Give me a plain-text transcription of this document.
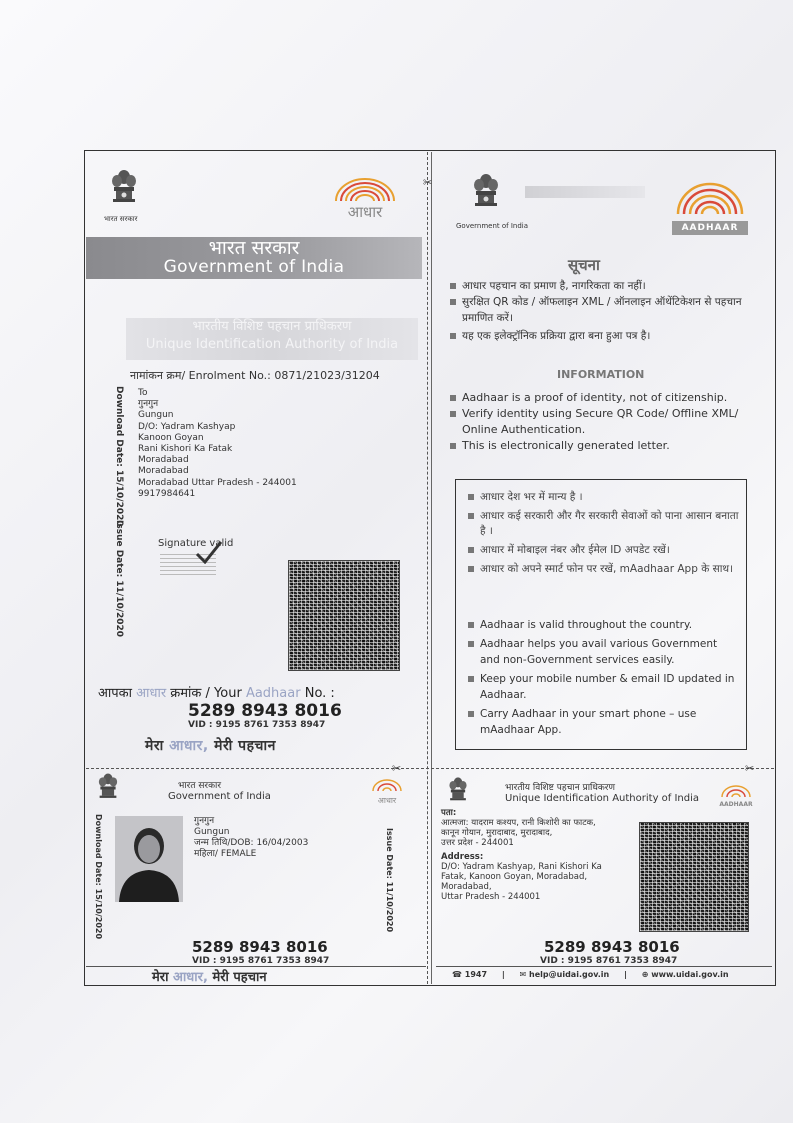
✂
✂	✂
भारत सरकार	आधार
भारत सरकार
Government of India
भारतीय विशिष्ट पहचान प्राधिकरण
Unique Identification Authority of India
नामांकन क्रम/ Enrolment No.: 0871/21023/31204
Download Date: 15/10/2020
Issue Date: 11/10/2020
To
गुनगुन
Gungun
D/O: Yadram Kashyap
Kanoon Goyan
Rani Kishori Ka Fatak
Moradabad
Moradabad
Moradabad Uttar Pradesh - 244001
9917984641
Signature valid
आपका आधार क्रमांक / Your Aadhaar No. :
5289 8943 8016
VID : 9195 8761 7353 8947
मेरा आधार, मेरी पहचान
Government of India	AADHAAR
सूचना
आधार पहचान का प्रमाण है, नागरिकता का नहीं।
सुरक्षित QR कोड / ऑफलाइन XML / ऑनलाइन ऑथेंटिकेशन से पहचान प्रमाणित करें।
यह एक इलेक्ट्रॉनिक प्रक्रिया द्वारा बना हुआ पत्र है।
INFORMATION
Aadhaar is a proof of identity, not of citizenship.
Verify identity using Secure QR Code/ Offline XML/ Online Authentication.
This is electronically generated letter.
आधार देश भर में मान्य है ।
आधार कई सरकारी और गैर सरकारी सेवाओं को पाना आसान बनाता है ।
आधार में मोबाइल नंबर और ईमेल ID अपडेट रखें।
आधार को अपने स्मार्ट फोन पर रखें, mAadhaar App के साथ।
Aadhaar is valid throughout the country.
Aadhaar helps you avail various Government and non-Government services easily.
Keep your mobile number & email ID updated in Aadhaar.
Carry Aadhaar in your smart phone – use mAadhaar App.
भारत सरकार
Government of India	आधार
Download Date: 15/10/2020	Issue Date: 11/10/2020
गुनगुन
Gungun
जन्म तिथि/DOB: 16/04/2003
महिला/ FEMALE
5289 8943 8016
VID : 9195 8761 7353 8947
मेरा आधार, मेरी पहचान
भारतीय विशिष्ट पहचान प्राधिकरण
Unique Identification Authority of India
AADHAAR
पता:
आत्मजा: यादराम कश्यप, रानी किशोरी का फाटक,
कानून गोयान, मुरादाबाद, मुरादाबाद,
उत्तर प्रदेश - 244001
Address:
D/O: Yadram Kashyap, Rani Kishori Ka
Fatak, Kanoon Goyan, Moradabad,
Moradabad,
Uttar Pradesh - 244001
5289 8943 8016
VID : 9195 8761 7353 8947
☎ 1947 | ✉ help@uidai.gov.in | ⊕ www.uidai.gov.in
